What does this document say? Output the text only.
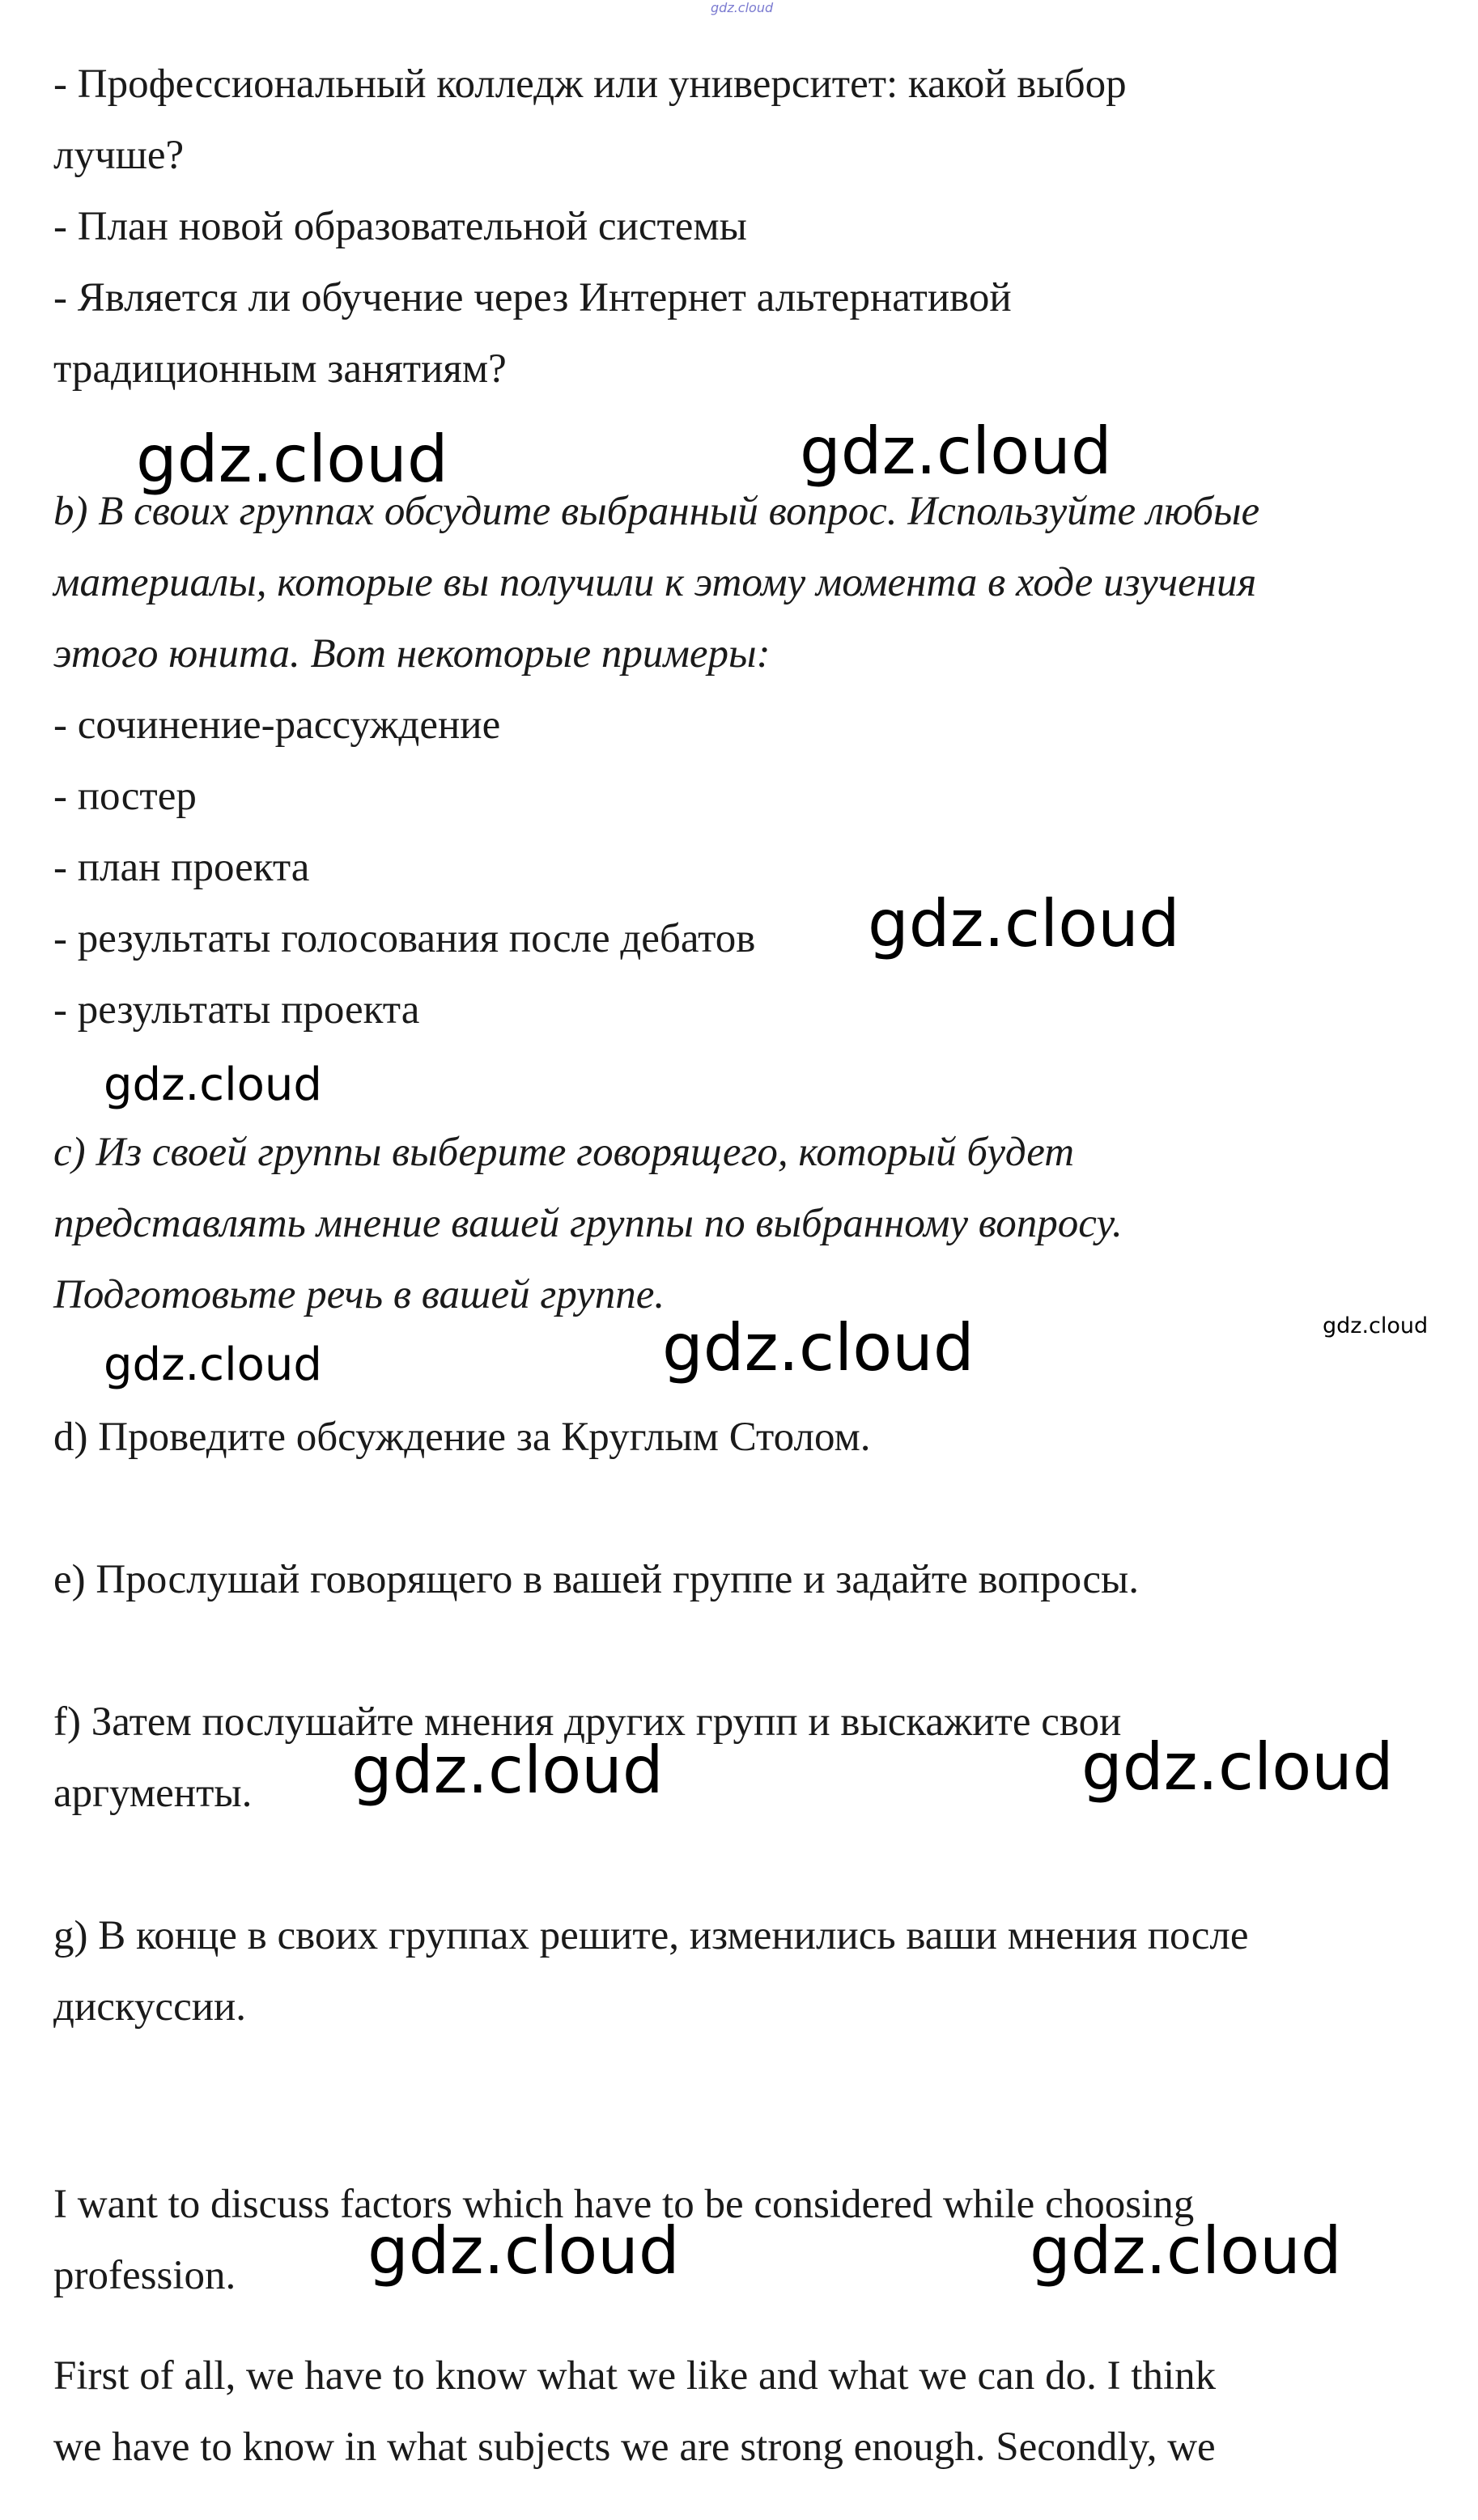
gdz.cloud

- Профессиональный колледж или университет: какой выбор

лучше?

- План новой образовательной системы

- Является ли обучение через Интернет альтернативой

традиционным занятиям?

b) В своих группах обсудите выбранный вопрос. Используйте любые

материалы, которые вы получили к этому момента в ходе изучения

этого юнита. Вот некоторые примеры:

- сочинение-рассуждение

- постер

- план проекта

- результаты голосования после дебатов

- результаты проекта

c) Из своей группы выберите говорящего, который будет

представлять мнение вашей группы по выбранному вопросу.

Подготовьте речь в вашей группе.

d) Проведите обсуждение за Круглым Столом.

e) Прослушай говорящего в вашей группе и задайте вопросы.

f) Затем послушайте мнения других групп и выскажите свои

аргументы.

g) В конце в своих группах решите, изменились ваши мнения после

дискуссии.

I want to discuss factors which have to be considered while choosing

profession.

First of all, we have to know what we like and what we can do. I think

we have to know in what subjects we are strong enough. Secondly, we

gdz.cloud	gdz.cloud
gdz.cloud
gdz.cloud
gdz.cloud
gdz.cloud
gdz.cloud
gdz.cloud	gdz.cloud
gdz.cloud	gdz.cloud
